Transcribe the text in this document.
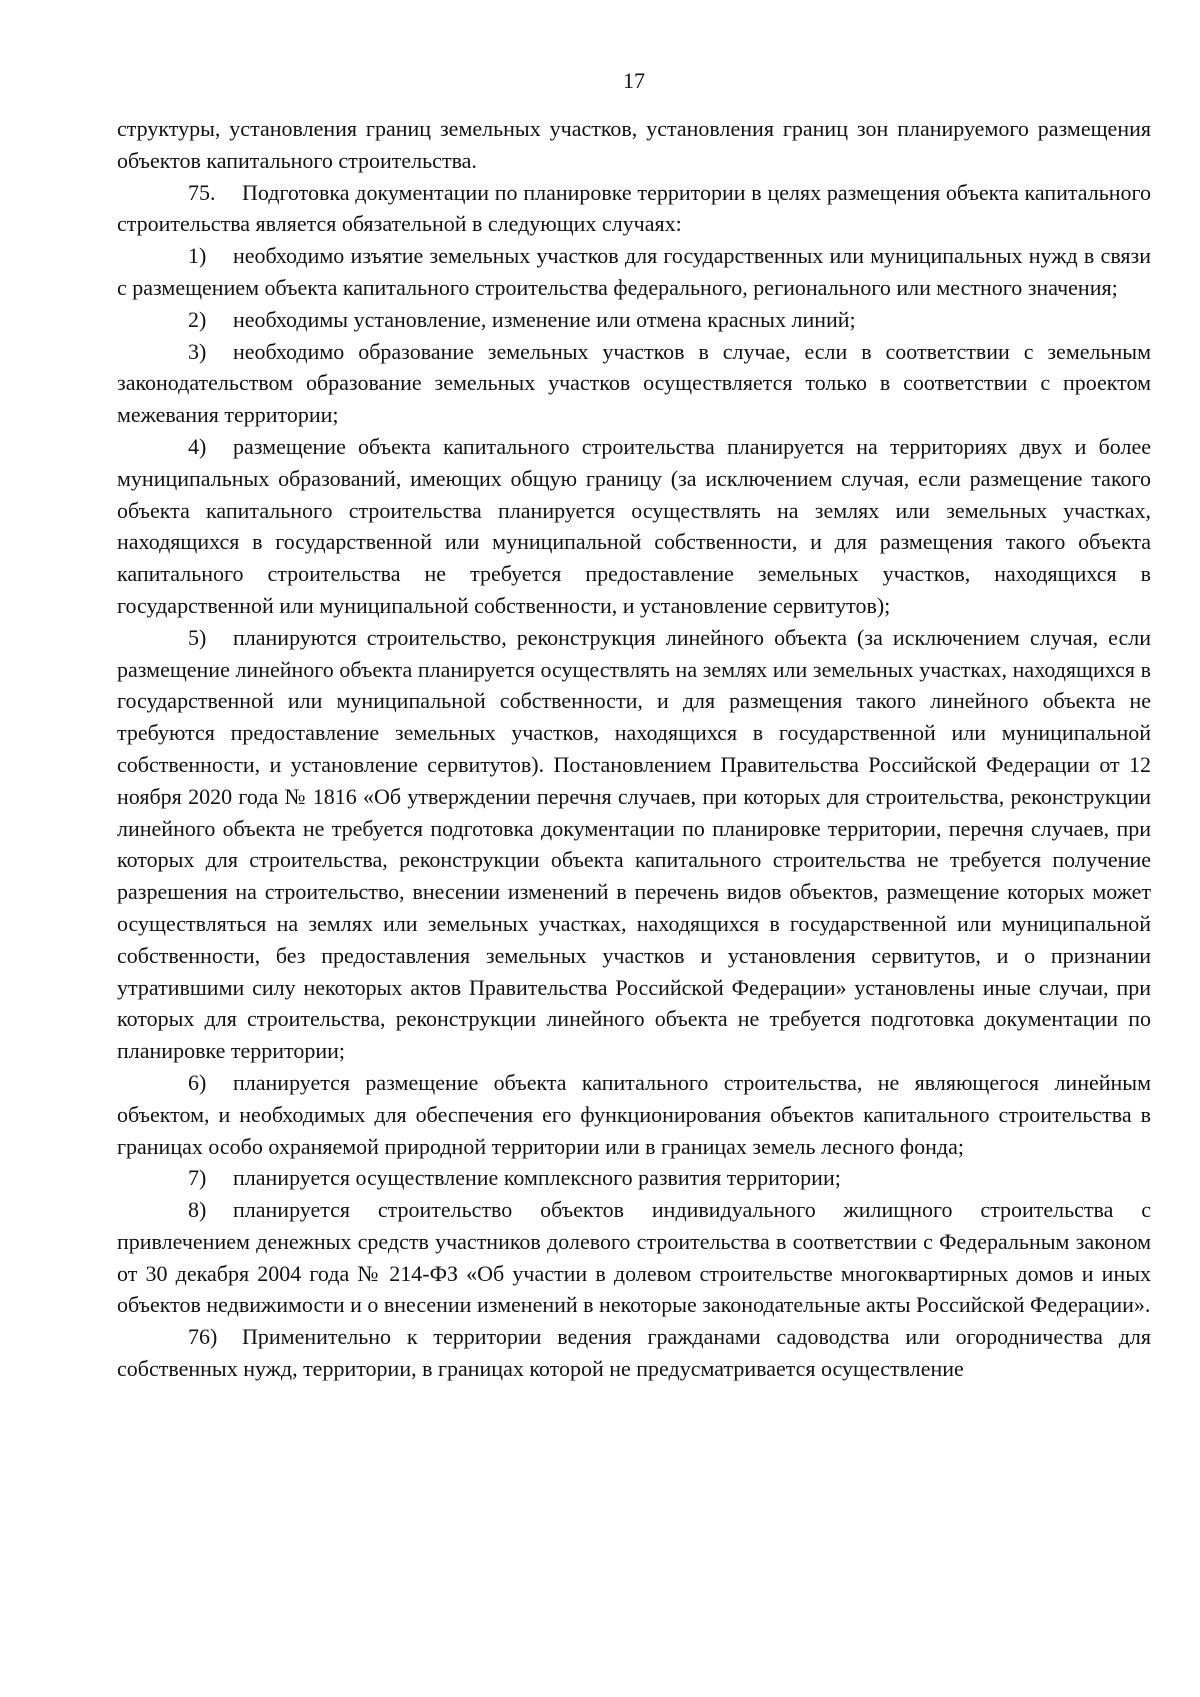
17

структуры, установления границ земельных участков, установления границ зон планируемого размещения объектов капитального строительства.

75. Подготовка документации по планировке территории в целях размещения объекта капитального строительства является обязательной в следующих случаях:

1) необходимо изъятие земельных участков для государственных или муниципальных нужд в связи с размещением объекта капитального строительства федерального, регионального или местного значения;

2) необходимы установление, изменение или отмена красных линий;

3) необходимо образование земельных участков в случае, если в соответствии с земельным законодательством образование земельных участков осуществляется только в соответствии с проектом межевания территории;

4) размещение объекта капитального строительства планируется на территориях двух и более муниципальных образований, имеющих общую границу (за исключением случая, если размещение такого объекта капитального строительства планируется осуществлять на землях или земельных участках, находящихся в государственной или муниципальной собственности, и для размещения такого объекта капитального строительства не требуется предоставление земельных участков, находящихся в государственной или муниципальной собственности, и установление сервитутов);

5) планируются строительство, реконструкция линейного объекта (за исключением случая, если размещение линейного объекта планируется осуществлять на землях или земельных участках, находящихся в государственной или муниципальной собственности, и для размещения такого линейного объекта не требуются предоставление земельных участков, находящихся в государственной или муниципальной собственности, и установление сервитутов). Постановлением Правительства Российской Федерации от 12 ноября 2020 года № 1816 «Об утверждении перечня случаев, при которых для строительства, реконструкции линейного объекта не требуется подготовка документации по планировке территории, перечня случаев, при которых для строительства, реконструкции объекта капитального строительства не требуется получение разрешения на строительство, внесении изменений в перечень видов объектов, размещение которых может осуществляться на землях или земельных участках, находящихся в государственной или муниципальной собственности, без предоставления земельных участков и установления сервитутов, и о признании утратившими силу некоторых актов Правительства Российской Федерации» установлены иные случаи, при которых для строительства, реконструкции линейного объекта не требуется подготовка документации по планировке территории;

6) планируется размещение объекта капитального строительства, не являющегося линейным объектом, и необходимых для обеспечения его функционирования объектов капитального строительства в границах особо охраняемой природной территории или в границах земель лесного фонда;

7) планируется осуществление комплексного развития территории;

8) планируется строительство объектов индивидуального жилищного строительства с привлечением денежных средств участников долевого строительства в соответствии с Федеральным законом от 30 декабря 2004 года № 214-ФЗ «Об участии в долевом строительстве многоквартирных домов и иных объектов недвижимости и о внесении изменений в некоторые законодательные акты Российской Федерации».

76) Применительно к территории ведения гражданами садоводства или огородничества для собственных нужд, территории, в границах которой не предусматривается осуществление
